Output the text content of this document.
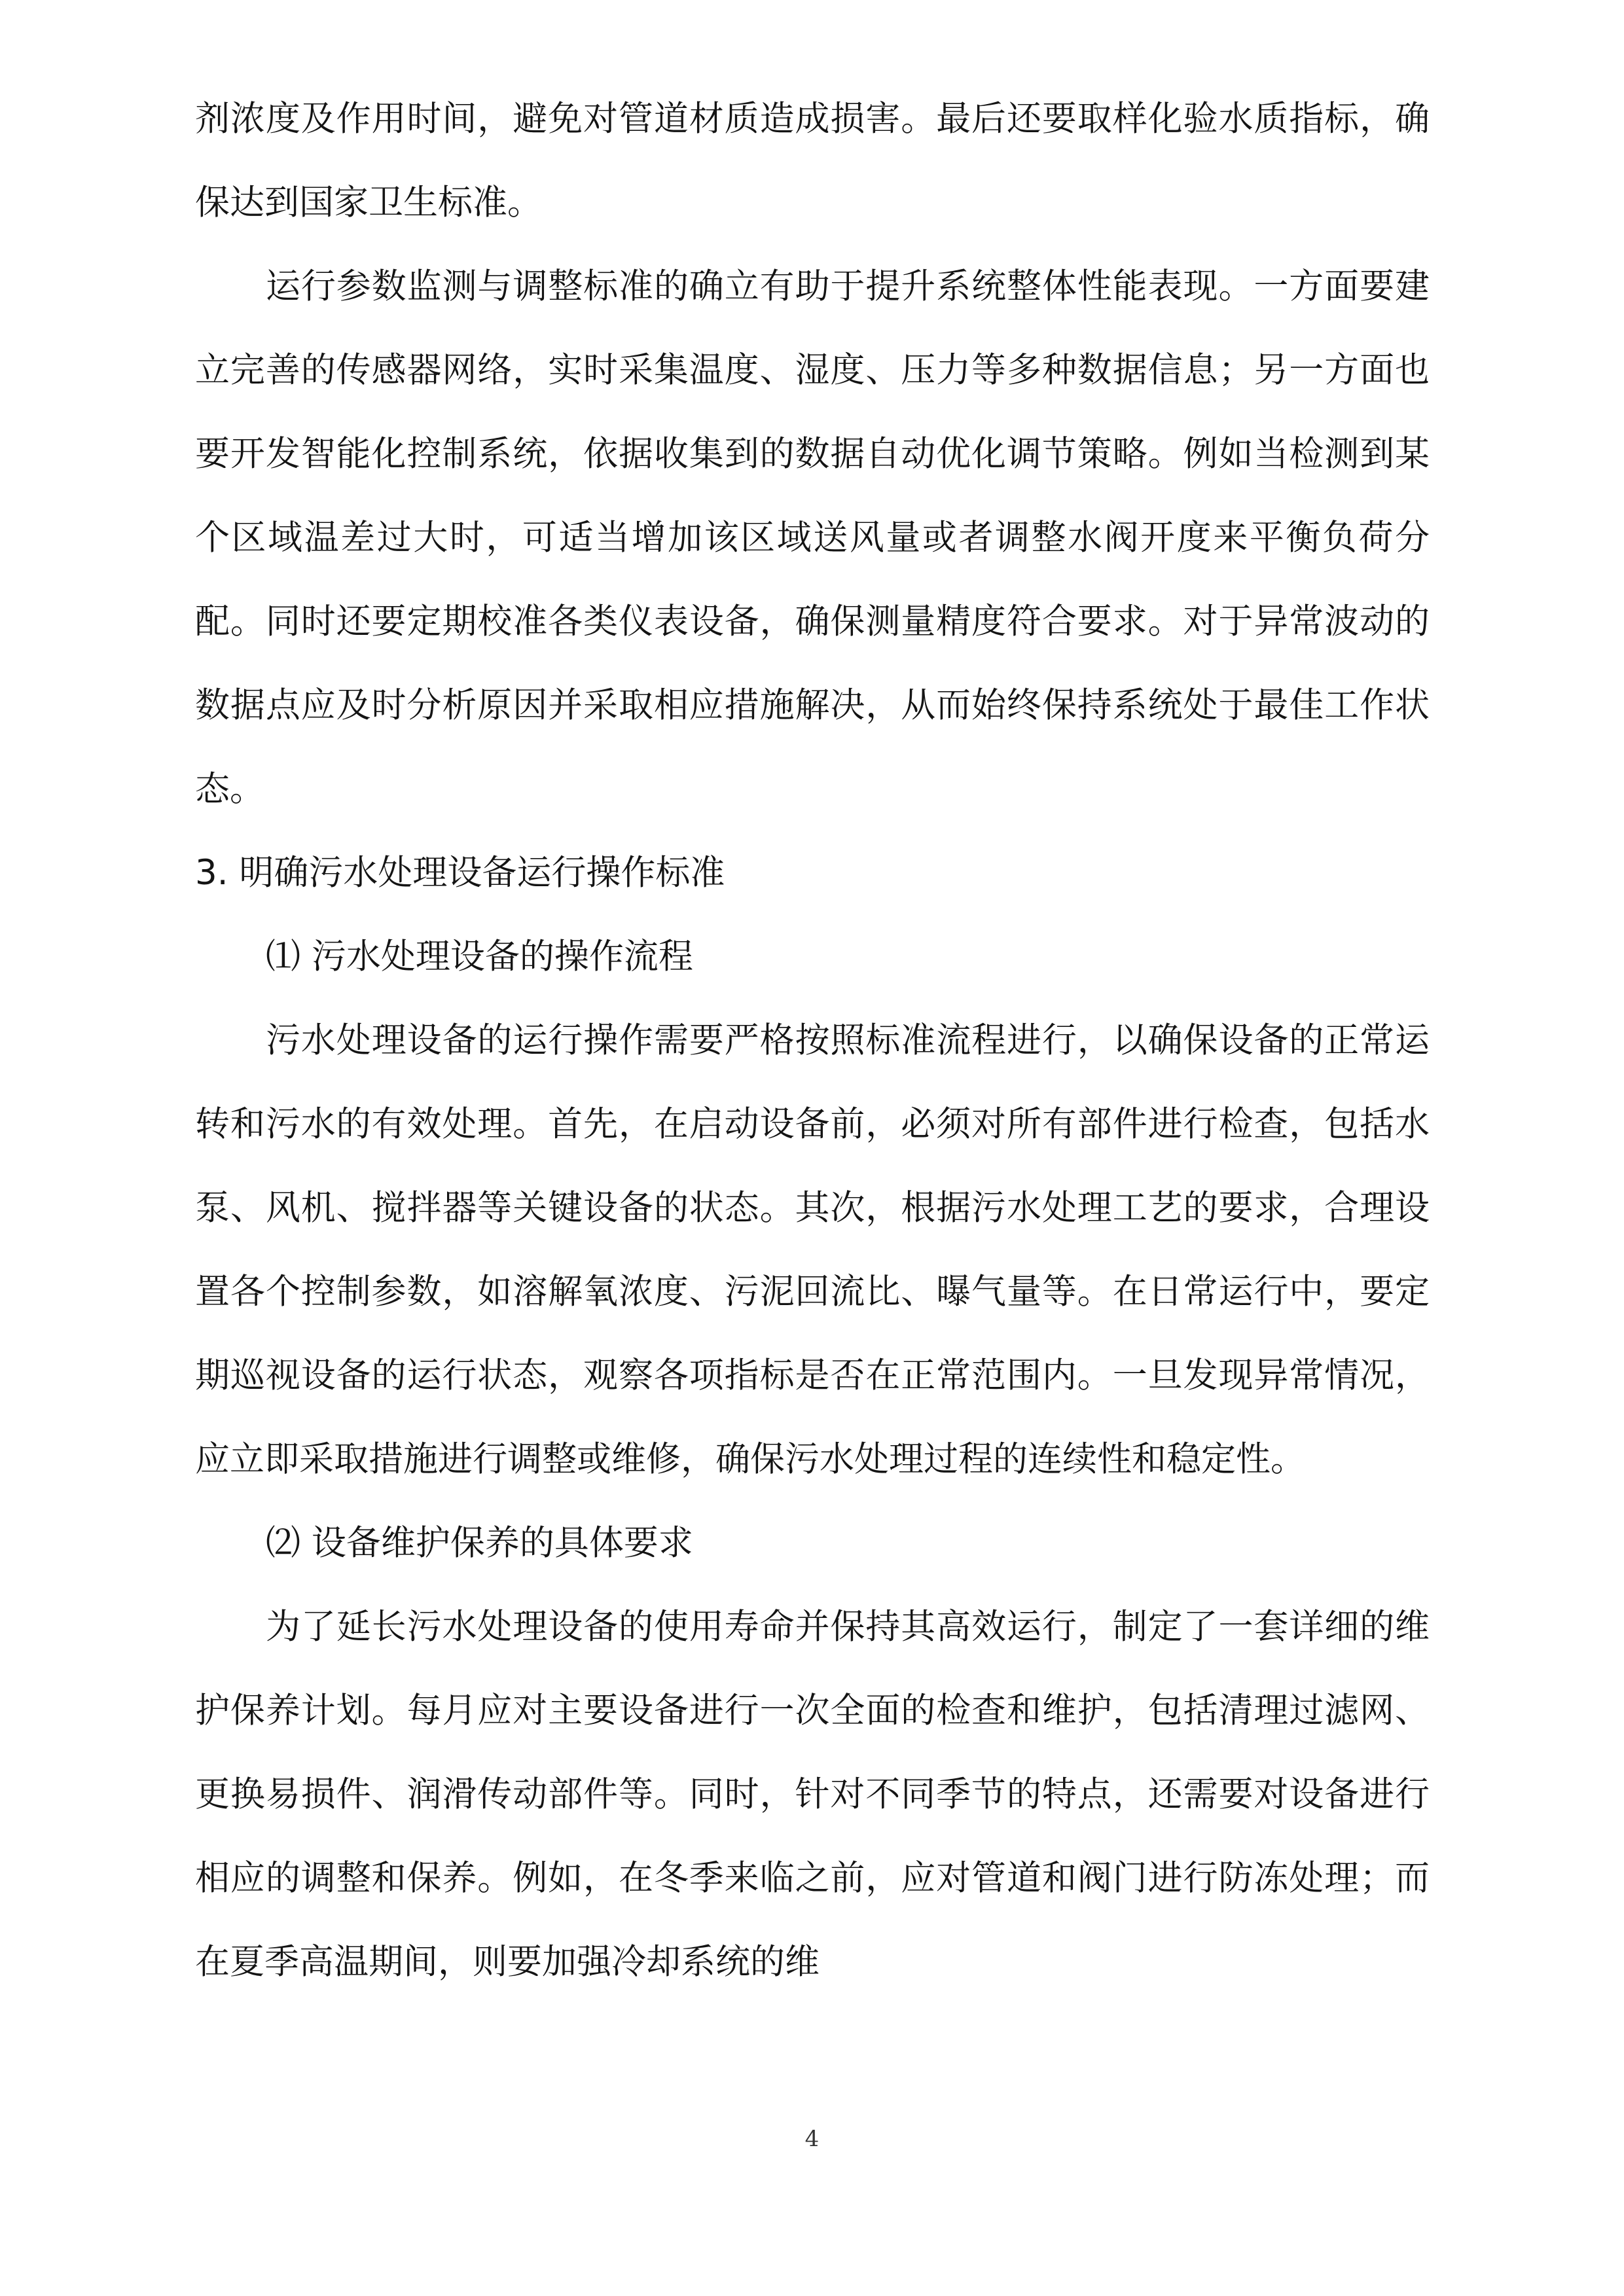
剂浓度及作用时间，避免对管道材质造成损害。最后还要取样化验水质指标，确保达到国家卫生标准。

运行参数监测与调整标准的确立有助于提升系统整体性能表现。一方面要建立完善的传感器网络，实时采集温度、湿度、压力等多种数据信息；另一方面也要开发智能化控制系统，依据收集到的数据自动优化调节策略。例如当检测到某个区域温差过大时，可适当增加该区域送风量或者调整水阀开度来平衡负荷分配。同时还要定期校准各类仪表设备，确保测量精度符合要求。对于异常波动的数据点应及时分析原因并采取相应措施解决，从而始终保持系统处于最佳工作状态。

3. 明确污水处理设备运行操作标准

⑴ 污水处理设备的操作流程

污水处理设备的运行操作需要严格按照标准流程进行，以确保设备的正常运转和污水的有效处理。首先，在启动设备前，必须对所有部件进行检查，包括水泵、风机、搅拌器等关键设备的状态。其次，根据污水处理工艺的要求，合理设置各个控制参数，如溶解氧浓度、污泥回流比、曝气量等。在日常运行中，要定期巡视设备的运行状态，观察各项指标是否在正常范围内。一旦发现异常情况，应立即采取措施进行调整或维修，确保污水处理过程的连续性和稳定性。

⑵ 设备维护保养的具体要求

为了延长污水处理设备的使用寿命并保持其高效运行，制定了一套详细的维护保养计划。每月应对主要设备进行一次全面的检查和维护，包括清理过滤网、更换易损件、润滑传动部件等。同时，针对不同季节的特点，还需要对设备进行相应的调整和保养。例如，在冬季来临之前，应对管道和阀门进行防冻处理；而在夏季高温期间，则要加强冷却系统的维

4
